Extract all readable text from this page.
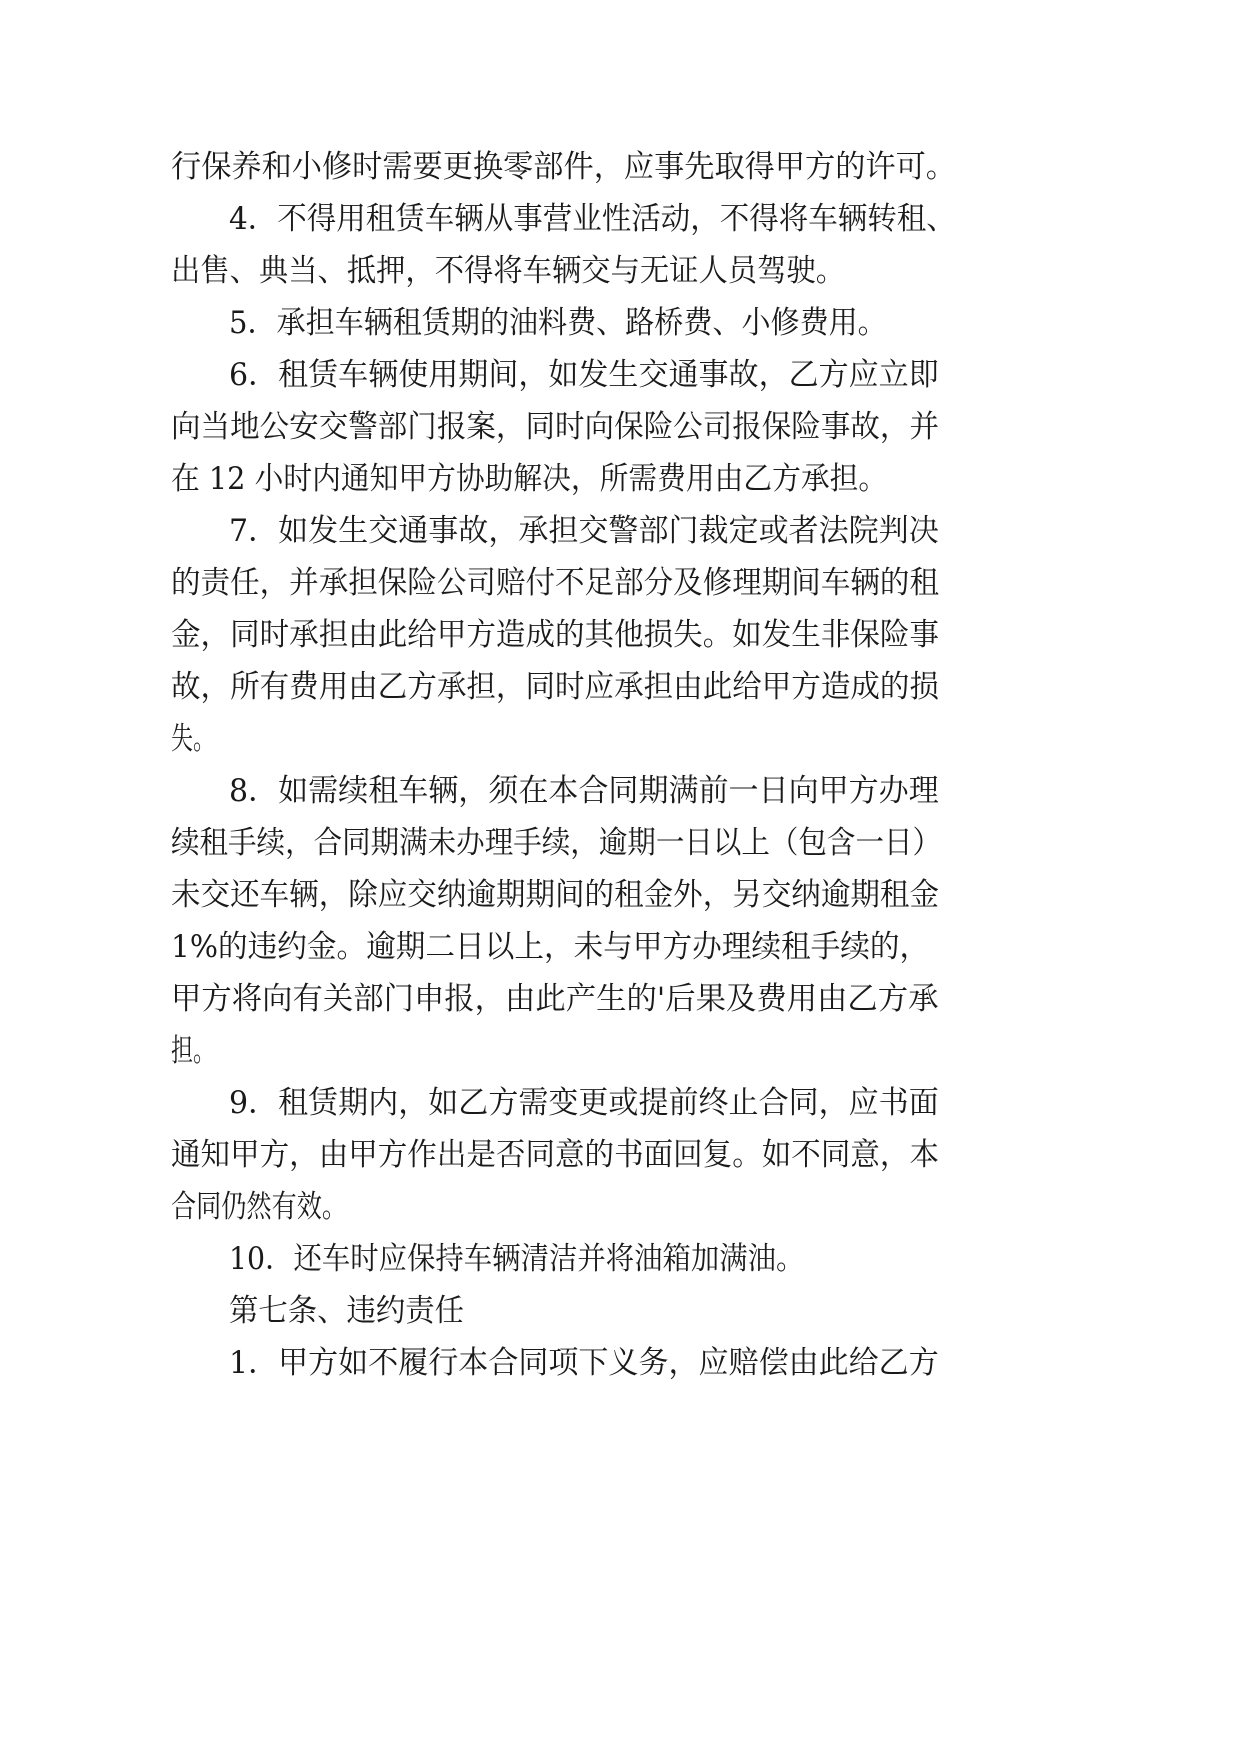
行保养和小修时需要更换零部件，应事先取得甲方的许可。
4．不得用租赁车辆从事营业性活动，不得将车辆转租、
出售、典当、抵押，不得将车辆交与无证人员驾驶。
5．承担车辆租赁期的油料费、路桥费、小修费用。
6．租赁车辆使用期间，如发生交通事故，乙方应立即
向当地公安交警部门报案，同时向保险公司报保险事故，并
在 12 小时内通知甲方协助解决，所需费用由乙方承担。
7．如发生交通事故，承担交警部门裁定或者法院判决
的责任，并承担保险公司赔付不足部分及修理期间车辆的租
金，同时承担由此给甲方造成的其他损失。如发生非保险事
故，所有费用由乙方承担，同时应承担由此给甲方造成的损
失。
8．如需续租车辆，须在本合同期满前一日向甲方办理
续租手续，合同期满未办理手续，逾期一日以上（包含一日）
未交还车辆，除应交纳逾期期间的租金外，另交纳逾期租金
1%的违约金。逾期二日以上，未与甲方办理续租手续的，
甲方将向有关部门申报，由此产生的'后果及费用由乙方承
担。
9．租赁期内，如乙方需变更或提前终止合同，应书面
通知甲方，由甲方作出是否同意的书面回复。如不同意，本
合同仍然有效。
10．还车时应保持车辆清洁并将油箱加满油。
第七条、违约责任
1．甲方如不履行本合同项下义务，应赔偿由此给乙方
